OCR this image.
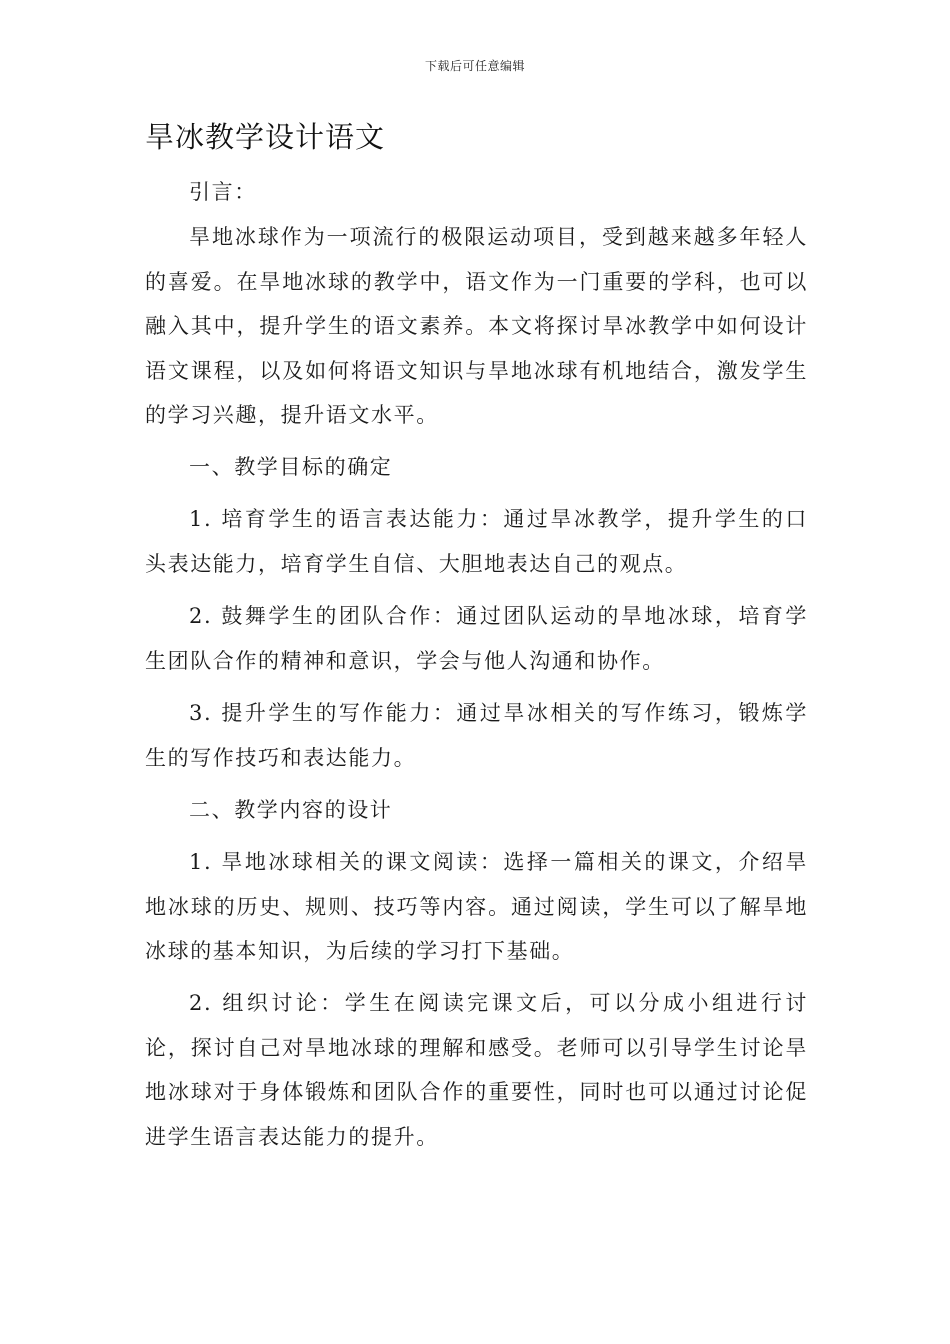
下载后可任意编辑
旱冰教学设计语文

引言：

旱地冰球作为一项流行的极限运动项目，受到越来越多年轻人的喜爱。在旱地冰球的教学中，语文作为一门重要的学科，也可以融入其中，提升学生的语文素养。本文将探讨旱冰教学中如何设计语文课程，以及如何将语文知识与旱地冰球有机地结合，激发学生的学习兴趣，提升语文水平。

一、教学目标的确定

1. 培育学生的语言表达能力：通过旱冰教学，提升学生的口头表达能力，培育学生自信、大胆地表达自己的观点。

2. 鼓舞学生的团队合作：通过团队运动的旱地冰球，培育学生团队合作的精神和意识，学会与他人沟通和协作。

3. 提升学生的写作能力：通过旱冰相关的写作练习，锻炼学生的写作技巧和表达能力。

二、教学内容的设计

1. 旱地冰球相关的课文阅读：选择一篇相关的课文，介绍旱地冰球的历史、规则、技巧等内容。通过阅读，学生可以了解旱地冰球的基本知识，为后续的学习打下基础。

2. 组织讨论：学生在阅读完课文后，可以分成小组进行讨论，探讨自己对旱地冰球的理解和感受。老师可以引导学生讨论旱地冰球对于身体锻炼和团队合作的重要性，同时也可以通过讨论促进学生语言表达能力的提升。
